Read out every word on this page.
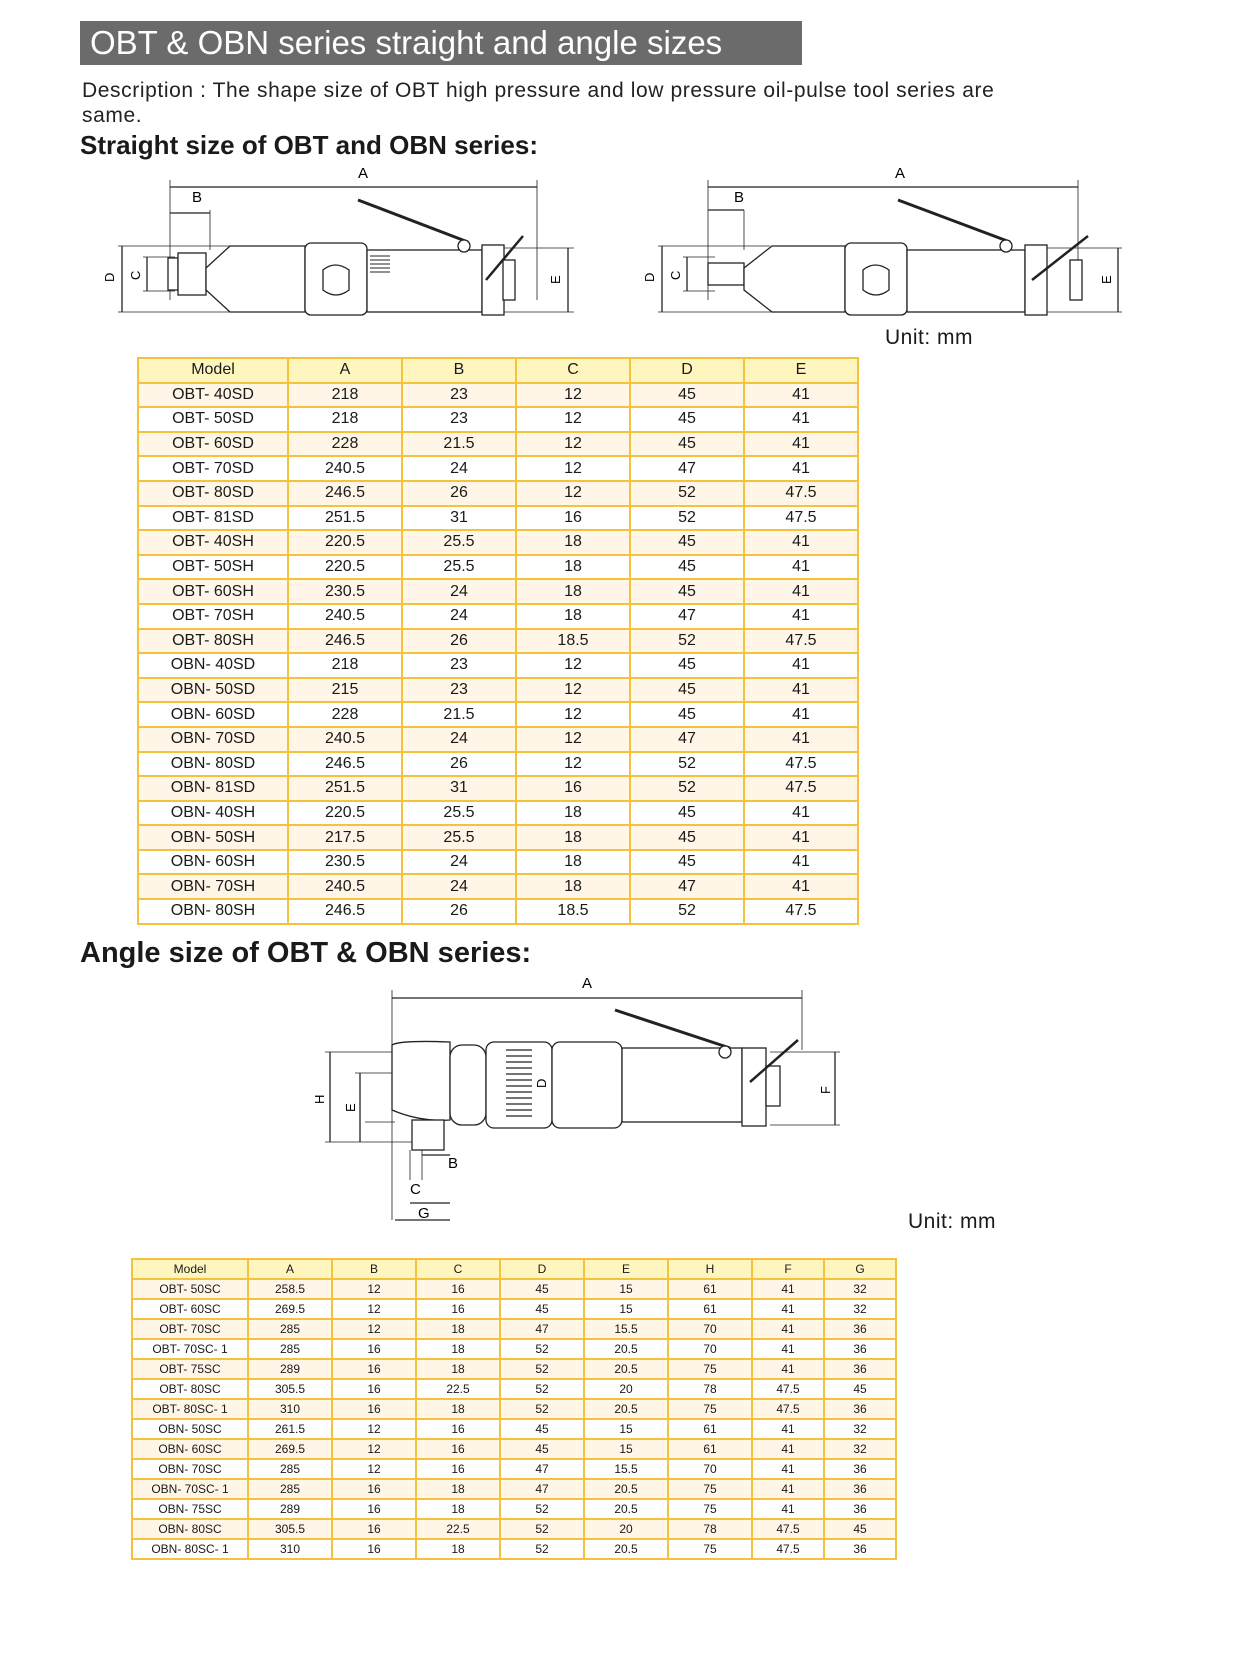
OBT & OBN series straight and angle sizes
Description : The shape size of OBT high pressure and low pressure oil-pulse tool series are same.
Straight size of OBT and OBN series:
B
A
D C	E
B
A
D C	E
Unit: mm
Model	A	B	C	D	E
OBT- 40SD	218	23	12	45	41
OBT- 50SD	218	23	12	45	41
OBT- 60SD	228	21.5	12	45	41
OBT- 70SD	240.5	24	12	47	41
OBT- 80SD	246.5	26	12	52	47.5
OBT- 81SD	251.5	31	16	52	47.5
OBT- 40SH	220.5	25.5	18	45	41
OBT- 50SH	220.5	25.5	18	45	41
OBT- 60SH	230.5	24	18	45	41
OBT- 70SH	240.5	24	18	47	41
OBT- 80SH	246.5	26	18.5	52	47.5
OBN- 40SD	218	23	12	45	41
OBN- 50SD	215	23	12	45	41
OBN- 60SD	228	21.5	12	45	41
OBN- 70SD	240.5	24	12	47	41
OBN- 80SD	246.5	26	12	52	47.5
OBN- 81SD	251.5	31	16	52	47.5
OBN- 40SH	220.5	25.5	18	45	41
OBN- 50SH	217.5	25.5	18	45	41
OBN- 60SH	230.5	24	18	45	41
OBN- 70SH	240.5	24	18	47	41
OBN- 80SH	246.5	26	18.5	52	47.5
Angle size of OBT & OBN series:
A
B
C
G
H
E
D
F
Unit: mm
Model	A	B	C	D	E	H	F	G
OBT- 50SC	258.5	12	16	45	15	61	41	32
OBT- 60SC	269.5	12	16	45	15	61	41	32
OBT- 70SC	285	12	18	47	15.5	70	41	36
OBT- 70SC- 1	285	16	18	52	20.5	70	41	36
OBT- 75SC	289	16	18	52	20.5	75	41	36
OBT- 80SC	305.5	16	22.5	52	20	78	47.5	45
OBT- 80SC- 1	310	16	18	52	20.5	75	47.5	36
OBN- 50SC	261.5	12	16	45	15	61	41	32
OBN- 60SC	269.5	12	16	45	15	61	41	32
OBN- 70SC	285	12	16	47	15.5	70	41	36
OBN- 70SC- 1	285	16	18	47	20.5	75	41	36
OBN- 75SC	289	16	18	52	20.5	75	41	36
OBN- 80SC	305.5	16	22.5	52	20	78	47.5	45
OBN- 80SC- 1	310	16	18	52	20.5	75	47.5	36
